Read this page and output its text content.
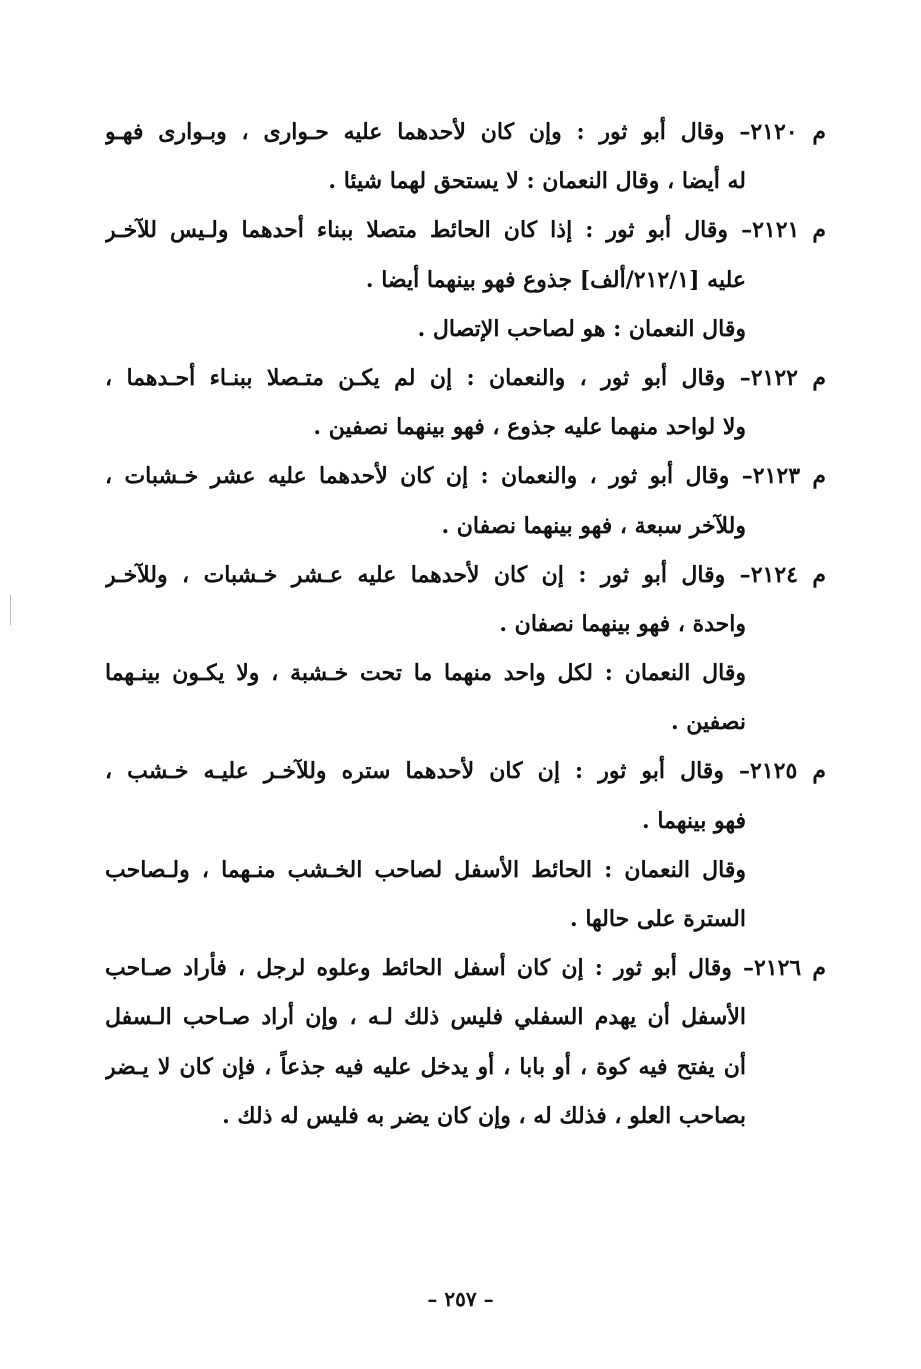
م ٢١٢٠– وقال أبو ثور : وإن كان لأحدهما عليه حـوارى ، وبـوارى فهـو
له أيضا ، وقال النعمان : لا يستحق لهما شيئا .
م ٢١٢١– وقال أبو ثور : إذا كان الحائط متصلا ببناء أحدهما ولـيس للآخـر
عليه [٢١٢/١/ألف] جذوع فهو بينهما أيضا .
وقال النعمان : هو لصاحب الإتصال .
م ٢١٢٢– وقال أبو ثور ، والنعمان : إن لم يكـن متـصلا ببنـاء أحـدهما ،
ولا لواحد منهما عليه جذوع ، فهو بينهما نصفين .
م ٢١٢٣– وقال أبو ثور ، والنعمان : إن كان لأحدهما عليه عشر خـشبات ،
وللآخر سبعة ، فهو بينهما نصفان .
م ٢١٢٤– وقال أبو ثور : إن كان لأحدهما عليه عـشر خـشبات ، وللآخـر
واحدة ، فهو بينهما نصفان .
وقال النعمان : لكل واحد منهما ما تحت خـشبة ، ولا يكـون بينـهما
نصفين .
م ٢١٢٥– وقال أبو ثور : إن كان لأحدهما ستره وللآخـر عليـه خـشب ،
فهو بينهما .
وقال النعمان : الحائط الأسفل لصاحب الخـشب منـهما ، ولـصاحب
السترة على حالها .
م ٢١٢٦– وقال أبو ثور : إن كان أسفل الحائط وعلوه لرجل ، فأراد صـاحب
الأسفل أن يهدم السفلي فليس ذلك لـه ، وإن أراد صـاحب الـسفل
أن يفتح فيه كوة ، أو بابا ، أو يدخل عليه فيه جذعاً ، فإن كان لا يـضر
بصاحب العلو ، فذلك له ، وإن كان يضر به فليس له ذلك .
– ٢٥٧ –
